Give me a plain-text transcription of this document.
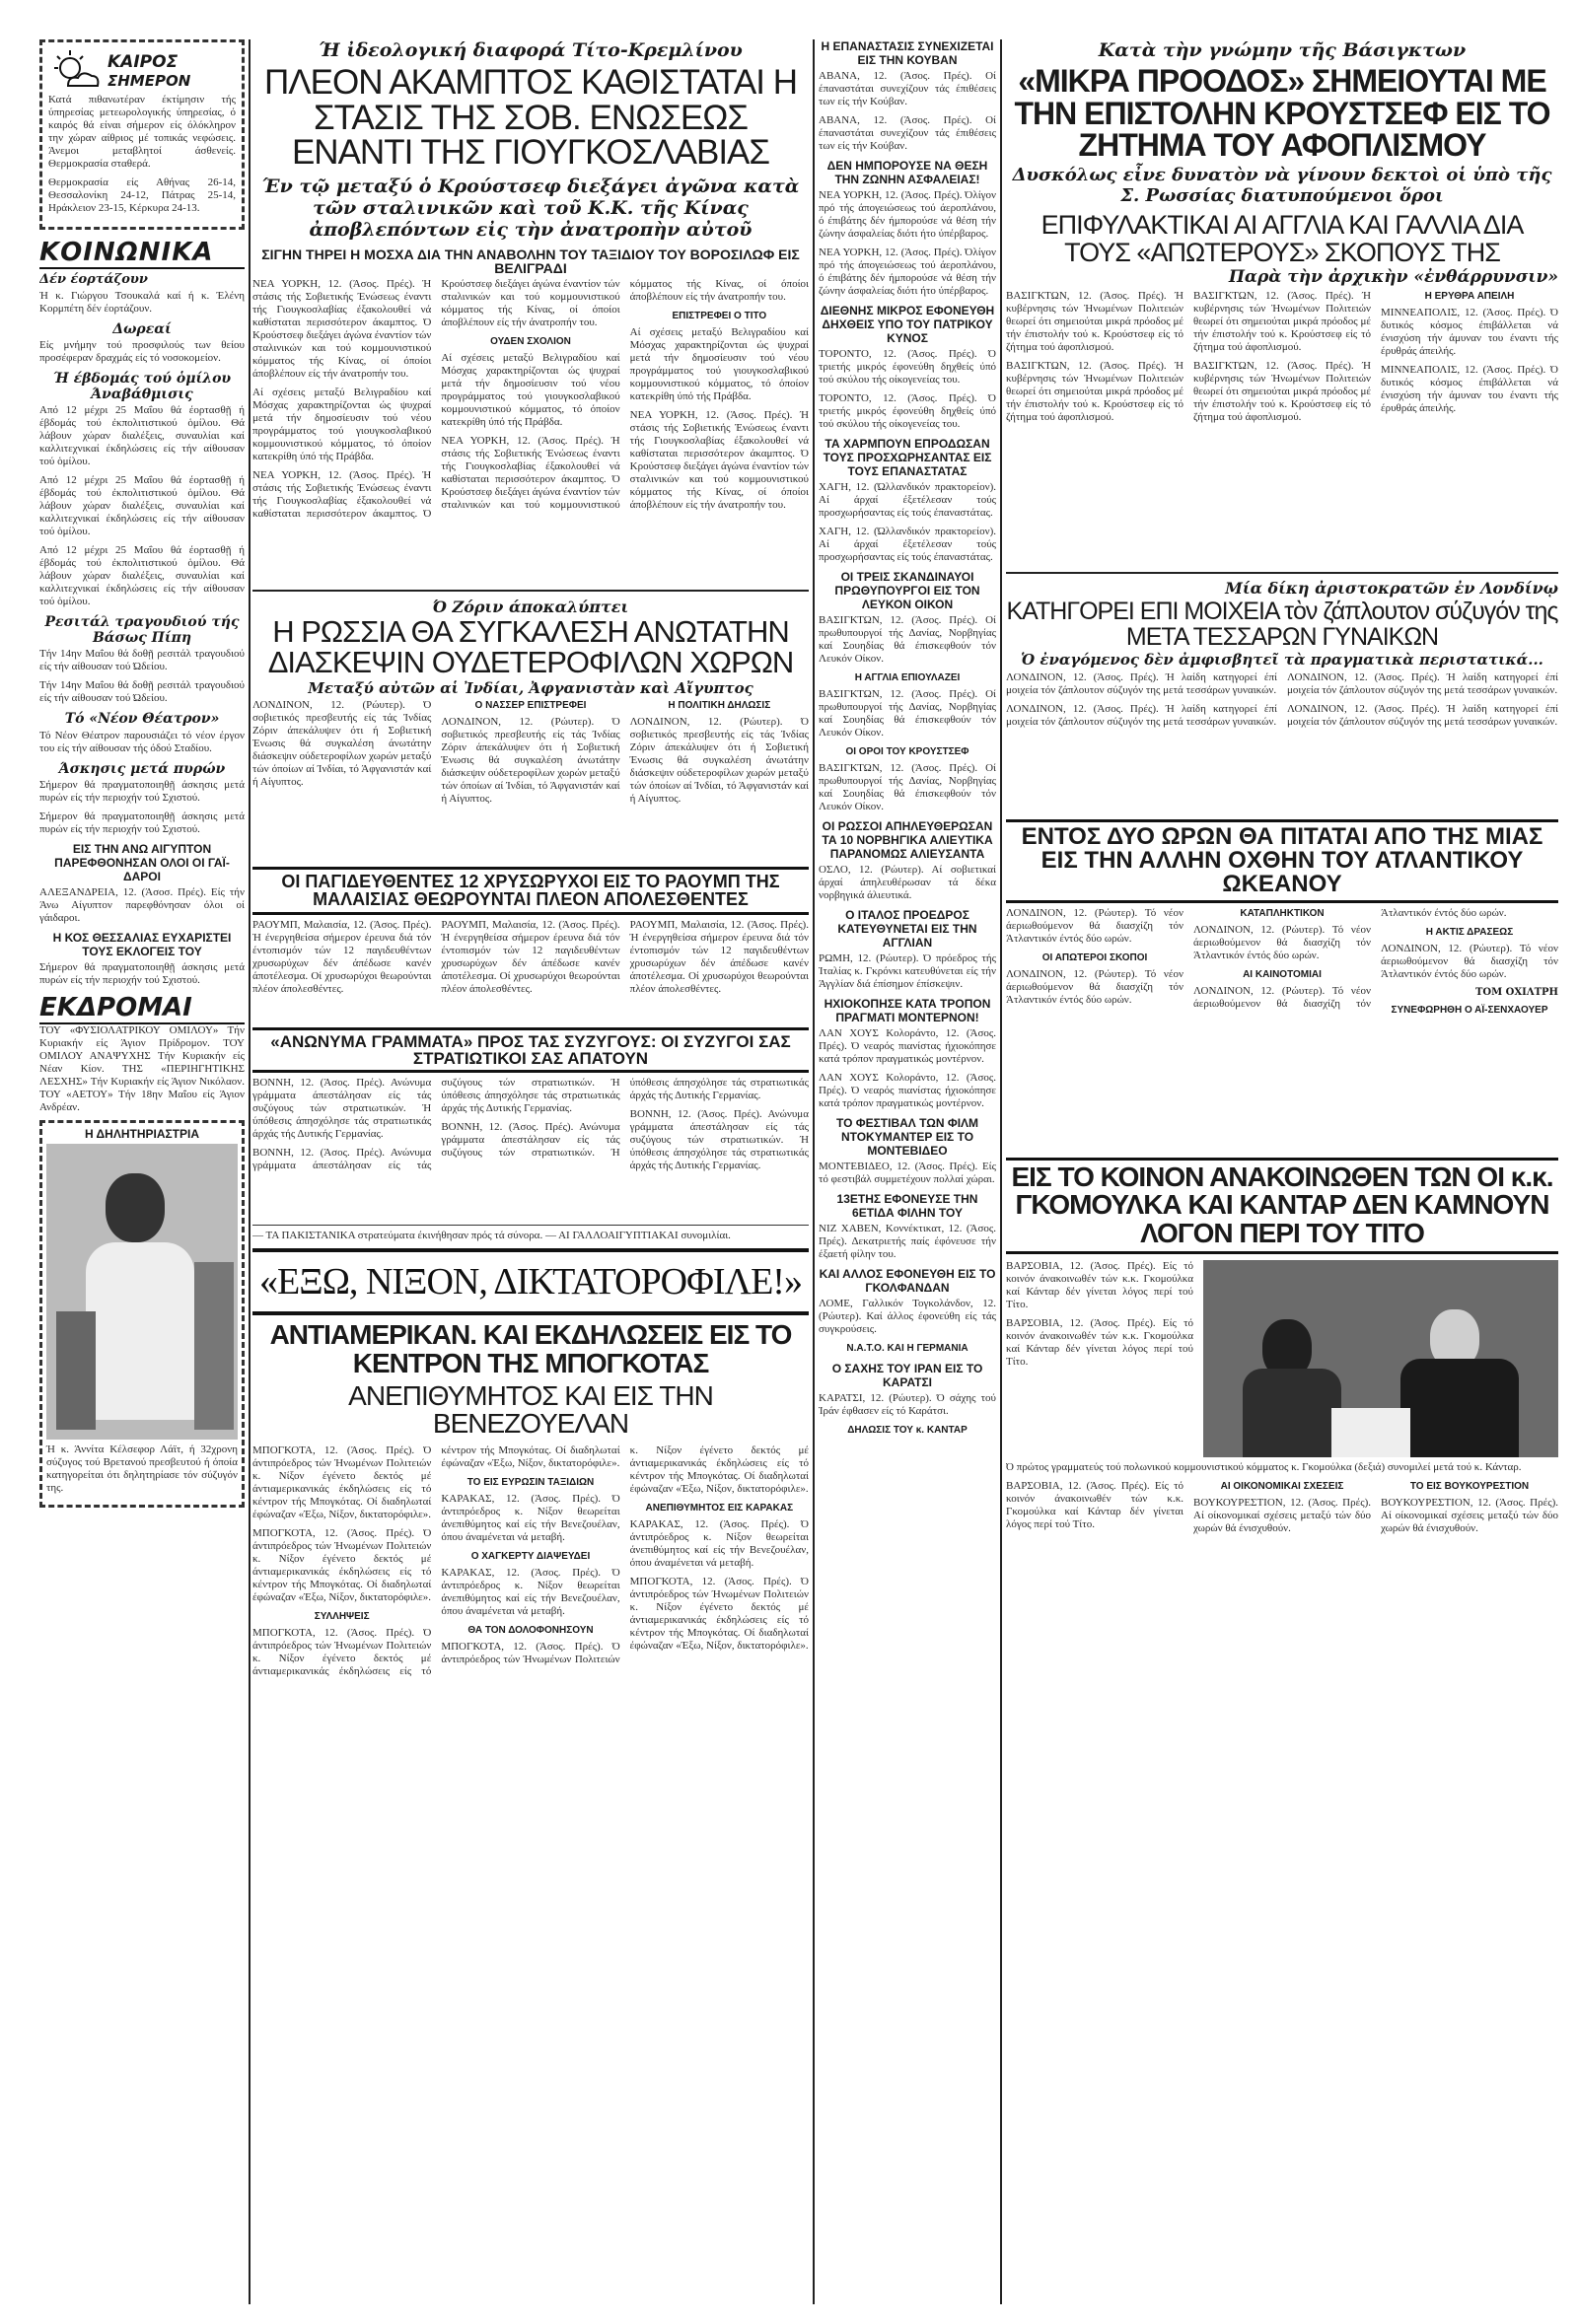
ΚΑΙΡΟΣ
ΣΗΜΕΡΟΝ

Κατά πιθανωτέραν έκτίμησιν τής ύπηρεσίας μετεωρολογικής ύπηρεσίας, ό καιρός θά είναι σήμερον είς όλόκληρον την χώραν αίθριος μέ τοπικάς νεφώσεις. Άνεμοι μεταβλητοί άσθενείς. Θερμοκρασία σταθερά.

Θερμοκρασία είς Αθήνας 26-14, Θεσσαλονίκη 24-12, Πάτρας 25-14, Ηράκλειον 23-15, Κέρκυρα 24-13.

ΚΟΙΝΩΝΙΚΑ
Δέν έορτάζουν

Ή κ. Γιώργου Τσουκαλά καί ή κ. Έλένη Κορμπέτη δέν έορτάζουν.

Δωρεαί

Είς μνήμην τού προσφιλούς των θείου προσέφεραν δραχμάς είς τό νοσοκομείον.

Ή έβδομάς τού ὁμίλου Άναβάθμισις

Από 12 μέχρι 25 Μαΐου θά έορτασθῇ ή έβδομάς τού ἐκπολιτιστικού ὁμίλου. Θά λάβουν χώραν διαλέξεις, συναυλίαι καί καλλιτεχνικαί έκδηλώσεις είς τήν αίθουσαν τού ὁμίλου.

Από 12 μέχρι 25 Μαΐου θά έορτασθῇ ή έβδομάς τού ἐκπολιτιστικού ὁμίλου. Θά λάβουν χώραν διαλέξεις, συναυλίαι καί καλλιτεχνικαί έκδηλώσεις είς τήν αίθουσαν τού ὁμίλου.

Από 12 μέχρι 25 Μαΐου θά έορτασθῇ ή έβδομάς τού ἐκπολιτιστικού ὁμίλου. Θά λάβουν χώραν διαλέξεις, συναυλίαι καί καλλιτεχνικαί έκδηλώσεις είς τήν αίθουσαν τού ὁμίλου.

Ρεσιτάλ τραγουδιού τής Βάσως Πίπη

Τήν 14ην Μαΐου θά δοθῇ ρεσιτάλ τραγουδιού είς τήν αίθουσαν τού Ώδείου.

Τήν 14ην Μαΐου θά δοθῇ ρεσιτάλ τραγουδιού είς τήν αίθουσαν τού Ώδείου.

Τό «Νέον Θέατρον»

Τό Νέον Θέατρον παρουσιάζει τό νέον έργον του είς τήν αίθουσαν τής όδού Σταδίου.

Άσκησις μετά πυρών

Σήμερον θά πραγματοποιηθῇ άσκησις μετά πυρών είς τήν περιοχήν τού Σχιστού.

Σήμερον θά πραγματοποιηθῇ άσκησις μετά πυρών είς τήν περιοχήν τού Σχιστού.

ΕΙΣ ΤΗΝ ΑΝΩ ΑΙΓΥΠΤΟΝ ΠΑΡΕΦΘΟΝΗΣΑΝ ΟΛΟΙ ΟΙ ΓΑΪ-ΔΑΡΟΙ

ΑΛΕΞΑΝΔΡΕΙΑ, 12. (Άσοσ. Πρές). Είς τήν Άνω Αίγυπτον παρεφθόνησαν όλοι οί γάιδαροι.

Η ΚΟΣ ΘΕΣΣΑΛΙΑΣ ΕΥΧΑΡΙΣΤΕΙ ΤΟΥΣ ΕΚΛΟΓΕΙΣ ΤΟΥ

Σήμερον θά πραγματοποιηθῇ άσκησις μετά πυρών είς τήν περιοχήν τού Σχιστού.

ΕΚΔΡΟΜΑΙ

ΤΟΥ «ΦΥΣΙΟΛΑΤΡΙΚΟΥ ΟΜΙΛΟΥ» Τήν Κυριακήν είς Άγιον Πρίδρομον. ΤΟΥ ΟΜΙΛΟΥ ΑΝΑΨΥΧΗΣ Τήν Κυριακήν είς Νέαν Κίον. ΤΗΣ «ΠΕΡΙΗΓΗΤΙΚΗΣ ΛΕΣΧΗΣ» Τήν Κυριακήν είς Άγιον Νικόλαον. ΤΟΥ «ΑΕΤΟΥ» Τήν 18ην Μαΐου είς Άγιον Ανδρέαν.

Η ΔΗΛΗΤΗΡΙΑΣΤΡΙΑ

Ή κ. Άννίτα Κέλσεφορ Λάϊτ, ή 32χρονη σύζυγος τού Βρετανού πρεσβευτού ή όποία κατηγορείται ότι δηλητηρίασε τόν σύζυγόν της.

Ή ἰδεολογική διαφορά Τίτο-Κρεμλίνου
ΠΛΕΟΝ ΑΚΑΜΠΤΟΣ ΚΑΘΙΣΤΑΤΑΙ Η ΣΤΑΣΙΣ ΤΗΣ ΣΟΒ. ΕΝΩΣΕΩΣ ΕΝΑΝΤΙ ΤΗΣ ΓΙΟΥΓΚΟΣΛΑΒΙΑΣ
Έν τῷ μεταξύ ὁ Κρούστσεφ διεξάγει ἀγῶνα κατὰ τῶν σταλινικῶν καὶ τοῦ Κ.Κ. τῆς Κίνας ἀποβλεπόντων εἰς τὴν ἀνατροπὴν αὐτοῦ
ΣΙΓΗΝ ΤΗΡΕΙ Η ΜΟΣΧΑ ΔΙΑ ΤΗΝ ΑΝΑΒΟΛΗΝ ΤΟΥ ΤΑΞΙΔΙΟΥ ΤΟΥ ΒΟΡΟΣΙΛΩΦ ΕΙΣ ΒΕΛΙΓΡΑΔΙ

ΝΕΑ ΥΟΡΚΗ, 12. (Άσος. Πρές). Ή στάσις τής Σοβιετικής Ένώσεως έναντι τής Γιουγκοσλαβίας έξακολουθεί νά καθίσταται περισσότερον άκαμπτος. Ό Κρούστσεφ διεξάγει άγώνα έναντίον τών σταλινικών και τού κομμουνιστικού κόμματος τής Κίνας, οί όποίοι άποβλέπουν είς τήν άνατροπήν του.

Αί σχέσεις μεταξύ Βελιγραδίου καί Μόσχας χαρακτηρίζονται ώς ψυχραί μετά τήν δημοσίευσιν τού νέου προγράμματος τού γιουγκοσλαβικού κομμουνιστικού κόμματος, τό όποίον κατεκρίθη ύπό τής Πράβδα.

ΝΕΑ ΥΟΡΚΗ, 12. (Άσος. Πρές). Ή στάσις τής Σοβιετικής Ένώσεως έναντι τής Γιουγκοσλαβίας έξακολουθεί νά καθίσταται περισσότερον άκαμπτος. Ό Κρούστσεφ διεξάγει άγώνα έναντίον τών σταλινικών και τού κομμουνιστικού κόμματος τής Κίνας, οί όποίοι άποβλέπουν είς τήν άνατροπήν του.

ΟΥΔΕΝ ΣΧΟΛΙΟΝ

Αί σχέσεις μεταξύ Βελιγραδίου καί Μόσχας χαρακτηρίζονται ώς ψυχραί μετά τήν δημοσίευσιν τού νέου προγράμματος τού γιουγκοσλαβικού κομμουνιστικού κόμματος, τό όποίον κατεκρίθη ύπό τής Πράβδα.

ΝΕΑ ΥΟΡΚΗ, 12. (Άσος. Πρές). Ή στάσις τής Σοβιετικής Ένώσεως έναντι τής Γιουγκοσλαβίας έξακολουθεί νά καθίσταται περισσότερον άκαμπτος. Ό Κρούστσεφ διεξάγει άγώνα έναντίον τών σταλινικών και τού κομμουνιστικού κόμματος τής Κίνας, οί όποίοι άποβλέπουν είς τήν άνατροπήν του.

ΕΠΙΣΤΡΕΦΕΙ Ο ΤΙΤΟ

Αί σχέσεις μεταξύ Βελιγραδίου καί Μόσχας χαρακτηρίζονται ώς ψυχραί μετά τήν δημοσίευσιν τού νέου προγράμματος τού γιουγκοσλαβικού κομμουνιστικού κόμματος, τό όποίον κατεκρίθη ύπό τής Πράβδα.

ΝΕΑ ΥΟΡΚΗ, 12. (Άσος. Πρές). Ή στάσις τής Σοβιετικής Ένώσεως έναντι τής Γιουγκοσλαβίας έξακολουθεί νά καθίσταται περισσότερον άκαμπτος. Ό Κρούστσεφ διεξάγει άγώνα έναντίον τών σταλινικών και τού κομμουνιστικού κόμματος τής Κίνας, οί όποίοι άποβλέπουν είς τήν άνατροπήν του.

Ό Ζόριν άποκαλύπτει
Η ΡΩΣΣΙΑ ΘΑ ΣΥΓΚΑΛΕΣΗ ΑΝΩΤΑΤΗΝ ΔΙΑΣΚΕΨΙΝ ΟΥΔΕΤΕΡΟΦΙΛΩΝ ΧΩΡΩΝ
Μεταξύ αὐτῶν αἱ Ἰνδίαι, Ἀφγανιστὰν καὶ Αἴγυπτος

ΛΟΝΔΙΝΟΝ, 12. (Ρώυτερ). Ό σοβιετικός πρεσβευτής είς τάς Ίνδίας Ζόριν άπεκάλυψεν ότι ή Σοβιετική Ένωσις θά συγκαλέση άνωτάτην διάσκεψιν ούδετεροφίλων χωρών μεταξύ τών όποίων αί Ίνδίαι, τό Άφγανιστάν καί ή Αίγυπτος.

Ο ΝΑΣΣΕΡ ΕΠΙΣΤΡΕΦΕΙ

ΛΟΝΔΙΝΟΝ, 12. (Ρώυτερ). Ό σοβιετικός πρεσβευτής είς τάς Ίνδίας Ζόριν άπεκάλυψεν ότι ή Σοβιετική Ένωσις θά συγκαλέση άνωτάτην διάσκεψιν ούδετεροφίλων χωρών μεταξύ τών όποίων αί Ίνδίαι, τό Άφγανιστάν καί ή Αίγυπτος.

Η ΠΟΛΙΤΙΚΗ ΔΗΛΩΣΙΣ

ΛΟΝΔΙΝΟΝ, 12. (Ρώυτερ). Ό σοβιετικός πρεσβευτής είς τάς Ίνδίας Ζόριν άπεκάλυψεν ότι ή Σοβιετική Ένωσις θά συγκαλέση άνωτάτην διάσκεψιν ούδετεροφίλων χωρών μεταξύ τών όποίων αί Ίνδίαι, τό Άφγανιστάν καί ή Αίγυπτος.

ΟΙ ΠΑΓΙΔΕΥΘΕΝΤΕΣ 12 ΧΡΥΣΩΡΥΧΟΙ ΕΙΣ ΤΟ ΡΑΟΥΜΠ ΤΗΣ ΜΑΛΑΙΣΙΑΣ ΘΕΩΡΟΥΝΤΑΙ ΠΛΕΟΝ ΑΠΟΛΕΣΘΕΝΤΕΣ

ΡΑΟΥΜΠ, Μαλαισία, 12. (Άσος. Πρές). Ή ένεργηθείσα σήμερον έρευνα διά τόν έντοπισμόν τών 12 παγιδευθέντων χρυσωρύχων δέν άπέδωσε κανέν άποτέλεσμα. Οί χρυσωρύχοι θεωρούνται πλέον άπολεσθέντες.

ΡΑΟΥΜΠ, Μαλαισία, 12. (Άσος. Πρές). Ή ένεργηθείσα σήμερον έρευνα διά τόν έντοπισμόν τών 12 παγιδευθέντων χρυσωρύχων δέν άπέδωσε κανέν άποτέλεσμα. Οί χρυσωρύχοι θεωρούνται πλέον άπολεσθέντες.

ΡΑΟΥΜΠ, Μαλαισία, 12. (Άσος. Πρές). Ή ένεργηθείσα σήμερον έρευνα διά τόν έντοπισμόν τών 12 παγιδευθέντων χρυσωρύχων δέν άπέδωσε κανέν άποτέλεσμα. Οί χρυσωρύχοι θεωρούνται πλέον άπολεσθέντες.

«ΑΝΩΝΥΜΑ ΓΡΑΜΜΑΤΑ» ΠΡΟΣ ΤΑΣ ΣΥΖΥΓΟΥΣ: ΟΙ ΣΥΖΥΓΟΙ ΣΑΣ ΣΤΡΑΤΙΩΤΙΚΟΙ ΣΑΣ ΑΠΑΤΟΥΝ

ΒΟΝΝΗ, 12. (Άσος. Πρές). Ανώνυμα γράμματα άπεστάλησαν είς τάς συζύγους τών στρατιωτικών. Ή ύπόθεσις άπησχόλησε τάς στρατιωτικάς άρχάς τής Δυτικής Γερμανίας.

ΒΟΝΝΗ, 12. (Άσος. Πρές). Ανώνυμα γράμματα άπεστάλησαν είς τάς συζύγους τών στρατιωτικών. Ή ύπόθεσις άπησχόλησε τάς στρατιωτικάς άρχάς τής Δυτικής Γερμανίας.

ΒΟΝΝΗ, 12. (Άσος. Πρές). Ανώνυμα γράμματα άπεστάλησαν είς τάς συζύγους τών στρατιωτικών. Ή ύπόθεσις άπησχόλησε τάς στρατιωτικάς άρχάς τής Δυτικής Γερμανίας.

ΒΟΝΝΗ, 12. (Άσος. Πρές). Ανώνυμα γράμματα άπεστάλησαν είς τάς συζύγους τών στρατιωτικών. Ή ύπόθεσις άπησχόλησε τάς στρατιωτικάς άρχάς τής Δυτικής Γερμανίας.

— ΤΑ ΠΑΚΙΣΤΑΝΙΚΑ στρατεύματα έκινήθησαν πρός τά σύνορα. — ΑΙ ΓΑΛΛΟΑΙΓΥΠΤΙΑΚΑΙ συνομιλίαι.

«ΕΞΩ, ΝΙΞΟΝ, ΔΙΚΤΑΤΟΡΟΦΙΛΕ!»
ΑΝΤΙΑΜΕΡΙΚΑΝ. ΚΑΙ ΕΚΔΗΛΩΣΕΙΣ ΕΙΣ ΤΟ ΚΕΝΤΡΟΝ ΤΗΣ ΜΠΟΓΚΟΤΑΣ
ΑΝΕΠΙΘΥΜΗΤΟΣ ΚΑΙ ΕΙΣ ΤΗΝ ΒΕΝΕΖΟΥΕΛΑΝ

ΜΠΟΓΚΟΤΑ, 12. (Άσος. Πρές). Ό άντιπρόεδρος τών Ήνωμένων Πολιτειών κ. Νίξον έγένετο δεκτός μέ άντιαμερικανικάς έκδηλώσεις είς τό κέντρον τής Μπογκότας. Οί διαδηλωταί έφώναζαν «Έξω, Νίξον, δικτατορόφιλε».

ΜΠΟΓΚΟΤΑ, 12. (Άσος. Πρές). Ό άντιπρόεδρος τών Ήνωμένων Πολιτειών κ. Νίξον έγένετο δεκτός μέ άντιαμερικανικάς έκδηλώσεις είς τό κέντρον τής Μπογκότας. Οί διαδηλωταί έφώναζαν «Έξω, Νίξον, δικτατορόφιλε».

ΣΥΛΛΗΨΕΙΣ

ΜΠΟΓΚΟΤΑ, 12. (Άσος. Πρές). Ό άντιπρόεδρος τών Ήνωμένων Πολιτειών κ. Νίξον έγένετο δεκτός μέ άντιαμερικανικάς έκδηλώσεις είς τό κέντρον τής Μπογκότας. Οί διαδηλωταί έφώναζαν «Έξω, Νίξον, δικτατορόφιλε».

ΤΟ ΕΙΣ ΕΥΡΩΣΙΝ ΤΑΞΙΔΙΩΝ

ΚΑΡΑΚΑΣ, 12. (Άσος. Πρές). Ό άντιπρόεδρος κ. Νίξον θεωρείται άνεπιθύμητος καί είς τήν Βενεζουέλαν, όπου άναμένεται νά μεταβή.

Ο ΧΑΓΚΕΡΤΥ ΔΙΑΨΕΥΔΕΙ

ΚΑΡΑΚΑΣ, 12. (Άσος. Πρές). Ό άντιπρόεδρος κ. Νίξον θεωρείται άνεπιθύμητος καί είς τήν Βενεζουέλαν, όπου άναμένεται νά μεταβή.

ΘΑ ΤΟΝ ΔΟΛΟΦΟΝΗΣΟΥΝ

ΜΠΟΓΚΟΤΑ, 12. (Άσος. Πρές). Ό άντιπρόεδρος τών Ήνωμένων Πολιτειών κ. Νίξον έγένετο δεκτός μέ άντιαμερικανικάς έκδηλώσεις είς τό κέντρον τής Μπογκότας. Οί διαδηλωταί έφώναζαν «Έξω, Νίξον, δικτατορόφιλε».

ΑΝΕΠΙΘΥΜΗΤΟΣ ΕΙΣ ΚΑΡΑΚΑΣ

ΚΑΡΑΚΑΣ, 12. (Άσος. Πρές). Ό άντιπρόεδρος κ. Νίξον θεωρείται άνεπιθύμητος καί είς τήν Βενεζουέλαν, όπου άναμένεται νά μεταβή.

ΜΠΟΓΚΟΤΑ, 12. (Άσος. Πρές). Ό άντιπρόεδρος τών Ήνωμένων Πολιτειών κ. Νίξον έγένετο δεκτός μέ άντιαμερικανικάς έκδηλώσεις είς τό κέντρον τής Μπογκότας. Οί διαδηλωταί έφώναζαν «Έξω, Νίξον, δικτατορόφιλε».

Η ΕΠΑΝΑΣΤΑΣΙΣ ΣΥΝΕΧΙΖΕΤΑΙ ΕΙΣ ΤΗΝ ΚΟΥΒΑΝ

ΑΒΑΝΑ, 12. (Άσος. Πρές). Οί έπαναστάται συνεχίζουν τάς έπιθέσεις των είς τήν Κούβαν.

ΑΒΑΝΑ, 12. (Άσος. Πρές). Οί έπαναστάται συνεχίζουν τάς έπιθέσεις των είς τήν Κούβαν.

ΔΕΝ ΗΜΠΟΡΟΥΣΕ ΝΑ ΘΕΣΗ ΤΗΝ ΖΩΝΗΝ ΑΣΦΑΛΕΙΑΣ!

ΝΕΑ ΥΟΡΚΗ, 12. (Άσος. Πρές). Όλίγον πρό τής άπογειώσεως τού άεροπλάνου, ό έπιβάτης δέν ήμπορούσε νά θέση τήν ζώνην άσφαλείας διότι ήτο ύπέρβαρος.

ΝΕΑ ΥΟΡΚΗ, 12. (Άσος. Πρές). Όλίγον πρό τής άπογειώσεως τού άεροπλάνου, ό έπιβάτης δέν ήμπορούσε νά θέση τήν ζώνην άσφαλείας διότι ήτο ύπέρβαρος.

ΔΙΕΘΝΗΣ ΜΙΚΡΟΣ ΕΦΟΝΕΥΘΗ ΔΗΧΘΕΙΣ ΥΠΟ ΤΟΥ ΠΑΤΡΙΚΟΥ ΚΥΝΟΣ

ΤΟΡΟΝΤΟ, 12. (Άσος. Πρές). Ό τριετής μικρός έφονεύθη δηχθείς ύπό τού σκύλου τής οίκογενείας του.

ΤΟΡΟΝΤΟ, 12. (Άσος. Πρές). Ό τριετής μικρός έφονεύθη δηχθείς ύπό τού σκύλου τής οίκογενείας του.

ΤΑ ΧΑΡΜΠΟΥΝ ΕΠΡΟΔΩΣΑΝ ΤΟΥΣ ΠΡΟΣΧΩΡΗΣΑΝΤΑΣ ΕΙΣ ΤΟΥΣ ΕΠΑΝΑΣΤΑΤΑΣ

ΧΑΓΗ, 12. (Ώλλανδικόν πρακτορείον). Αί άρχαί έξετέλεσαν τούς προσχωρήσαντας είς τούς έπαναστάτας.

ΧΑΓΗ, 12. (Ώλλανδικόν πρακτορείον). Αί άρχαί έξετέλεσαν τούς προσχωρήσαντας είς τούς έπαναστάτας.

ΟΙ ΤΡΕΙΣ ΣΚΑΝΔΙΝΑΥΟΙ ΠΡΩΘΥΠΟΥΡΓΟΙ ΕΙΣ ΤΟΝ ΛΕΥΚΟΝ ΟΙΚΟΝ

ΒΑΣΙΓΚΤΩΝ, 12. (Άσος. Πρές). Οί πρωθυπουργοί τής Δανίας, Νορβηγίας καί Σουηδίας θά έπισκεφθούν τόν Λευκόν Οίκον.

Η ΑΓΓΛΙΑ ΕΠΙΟΥΛΑΖΕΙ

ΒΑΣΙΓΚΤΩΝ, 12. (Άσος. Πρές). Οί πρωθυπουργοί τής Δανίας, Νορβηγίας καί Σουηδίας θά έπισκεφθούν τόν Λευκόν Οίκον.

ΟΙ ΟΡΟΙ ΤΟΥ ΚΡΟΥΣΤΣΕΦ

ΒΑΣΙΓΚΤΩΝ, 12. (Άσος. Πρές). Οί πρωθυπουργοί τής Δανίας, Νορβηγίας καί Σουηδίας θά έπισκεφθούν τόν Λευκόν Οίκον.

ΟΙ ΡΩΣΣΟΙ ΑΠΗΛΕΥΘΕΡΩΣΑΝ ΤΑ 10 ΝΟΡΒΗΓΙΚΑ ΑΛΙΕΥΤΙΚΑ ΠΑΡΑΝΟΜΩΣ ΑΛΙΕΥΣΑΝΤΑ

ΟΣΛΟ, 12. (Ρώυτερ). Αί σοβιετικαί άρχαί άπηλευθέρωσαν τά δέκα νορβηγικά άλιευτικά.

Ο ΙΤΑΛΟΣ ΠΡΟΕΔΡΟΣ ΚΑΤΕΥΘΥΝΕΤΑΙ ΕΙΣ ΤΗΝ ΑΓΓΛΙΑΝ

ΡΩΜΗ, 12. (Ρώυτερ). Ό πρόεδρος τής Ίταλίας κ. Γκρόνκι κατευθύνεται είς τήν Άγγλίαν διά έπίσημον έπίσκεψιν.

ΗΧΙΟΚΟΠΗΣΕ ΚΑΤΑ ΤΡΟΠΟΝ ΠΡΑΓΜΑΤΙ ΜΟΝΤΕΡΝΟΝ!

ΛΑΝ ΧΟΥΣ Κολοράντο, 12. (Άσος. Πρές). Ό νεαρός πιανίστας ήχιοκόπησε κατά τρόπον πραγματικώς μοντέρνον.

ΛΑΝ ΧΟΥΣ Κολοράντο, 12. (Άσος. Πρές). Ό νεαρός πιανίστας ήχιοκόπησε κατά τρόπον πραγματικώς μοντέρνον.

ΤΟ ΦΕΣΤΙΒΑΛ ΤΩΝ ΦΙΛΜ ΝΤΟΚΥΜΑΝΤΕΡ ΕΙΣ ΤΟ ΜΟΝΤΕΒΙΔΕΟ

ΜΟΝΤΕΒΙΔΕΟ, 12. (Άσος. Πρές). Είς τό φεστιβάλ συμμετέχουν πολλαί χώραι.

13ΕΤΗΣ ΕΦΟΝΕΥΣΕ ΤΗΝ 6ΕΤΙΔΑ ΦΙΛΗΝ ΤΟΥ

ΝΙΖ ΧΑΒΕΝ, Κοννέκτικατ, 12. (Άσος. Πρές). Δεκατριετής παίς έφόνευσε τήν έξαετή φίλην του.

ΚΑΙ ΑΛΛΟΣ ΕΦΟΝΕΥΘΗ ΕΙΣ ΤΟ ΓΚΟΛΦΑΝΔΑΝ

ΛΟΜΕ, Γαλλικόν Τογκολάνδον, 12. (Ρώυτερ). Καί άλλος έφονεύθη είς τάς συγκρούσεις.

Ν.Α.Τ.Ο. ΚΑΙ Η ΓΕΡΜΑΝΙΑ
Ο ΣΑΧΗΣ ΤΟΥ ΙΡΑΝ ΕΙΣ ΤΟ ΚΑΡΑΤΣΙ

ΚΑΡΑΤΣΙ, 12. (Ρώυτερ). Ό σάχης τού Ίράν έφθασεν είς τό Καράτσι.

ΔΗΛΩΣΙΣ ΤΟΥ κ. ΚΑΝΤΑΡ
Κατὰ τὴν γνώμην τῆς Βάσιγκτων
«ΜΙΚΡΑ ΠΡΟΟΔΟΣ» ΣΗΜΕΙΟΥΤΑΙ ΜΕ ΤΗΝ ΕΠΙΣΤΟΛΗΝ ΚΡΟΥΣΤΣΕΦ ΕΙΣ ΤΟ ΖΗΤΗΜΑ ΤΟΥ ΑΦΟΠΛΙΣΜΟΥ
Δυσκόλως εἶνε δυνατὸν νὰ γίνουν δεκτοὶ οἱ ὑπὸ τῆς Σ. Ρωσσίας διατυπούμενοι ὅροι
ΕΠΙΦΥΛΑΚΤΙΚΑΙ ΑΙ ΑΓΓΛΙΑ ΚΑΙ ΓΑΛΛΙΑ ΔΙΑ ΤΟΥΣ «ΑΠΩΤΕΡΟΥΣ» ΣΚΟΠΟΥΣ ΤΗΣ
Παρὰ τὴν ἀρχικὴν «ἐνθάρρυνσιν»

ΒΑΣΙΓΚΤΩΝ, 12. (Άσος. Πρές). Ή κυβέρνησις τών Ήνωμένων Πολιτειών θεωρεί ότι σημειούται μικρά πρόοδος μέ τήν έπιστολήν τού κ. Κρούστσεφ είς τό ζήτημα τού άφοπλισμού.

ΒΑΣΙΓΚΤΩΝ, 12. (Άσος. Πρές). Ή κυβέρνησις τών Ήνωμένων Πολιτειών θεωρεί ότι σημειούται μικρά πρόοδος μέ τήν έπιστολήν τού κ. Κρούστσεφ είς τό ζήτημα τού άφοπλισμού.

ΒΑΣΙΓΚΤΩΝ, 12. (Άσος. Πρές). Ή κυβέρνησις τών Ήνωμένων Πολιτειών θεωρεί ότι σημειούται μικρά πρόοδος μέ τήν έπιστολήν τού κ. Κρούστσεφ είς τό ζήτημα τού άφοπλισμού.

ΒΑΣΙΓΚΤΩΝ, 12. (Άσος. Πρές). Ή κυβέρνησις τών Ήνωμένων Πολιτειών θεωρεί ότι σημειούται μικρά πρόοδος μέ τήν έπιστολήν τού κ. Κρούστσεφ είς τό ζήτημα τού άφοπλισμού.

Η ΕΡΥΘΡΑ ΑΠΕΙΛΗ

ΜΙΝΝΕΑΠΟΛΙΣ, 12. (Άσος. Πρές). Ό δυτικός κόσμος έπιβάλλεται νά ένισχύση τήν άμυναν του έναντι τής έρυθράς άπειλής.

ΜΙΝΝΕΑΠΟΛΙΣ, 12. (Άσος. Πρές). Ό δυτικός κόσμος έπιβάλλεται νά ένισχύση τήν άμυναν του έναντι τής έρυθράς άπειλής.

Μία δίκη ἀριστοκρατῶν ἐν Λονδίνῳ
ΚΑΤΗΓΟΡΕΙ ΕΠΙ ΜΟΙΧΕΙΑ τὸν ζάπλουτον σύζυγόν της ΜΕΤΑ ΤΕΣΣΑΡΩΝ ΓΥΝΑΙΚΩΝ
Ὁ ἐναγόμενος δὲν ἀμφισβητεῖ τὰ πραγματικὰ περιστατικά...

ΛΟΝΔΙΝΟΝ, 12. (Άσος. Πρές). Ή λαίδη κατηγορεί έπί μοιχεία τόν ζάπλουτον σύζυγόν της μετά τεσσάρων γυναικών.

ΛΟΝΔΙΝΟΝ, 12. (Άσος. Πρές). Ή λαίδη κατηγορεί έπί μοιχεία τόν ζάπλουτον σύζυγόν της μετά τεσσάρων γυναικών.

ΛΟΝΔΙΝΟΝ, 12. (Άσος. Πρές). Ή λαίδη κατηγορεί έπί μοιχεία τόν ζάπλουτον σύζυγόν της μετά τεσσάρων γυναικών.

ΛΟΝΔΙΝΟΝ, 12. (Άσος. Πρές). Ή λαίδη κατηγορεί έπί μοιχεία τόν ζάπλουτον σύζυγόν της μετά τεσσάρων γυναικών.

ΕΝΤΟΣ ΔΥΟ ΩΡΩΝ ΘΑ ΠΙΤΑΤΑΙ ΑΠΟ ΤΗΣ ΜΙΑΣ ΕΙΣ ΤΗΝ ΑΛΛΗΝ ΟΧΘΗΝ ΤΟΥ ΑΤΛΑΝΤΙΚΟΥ ΩΚΕΑΝΟΥ

ΛΟΝΔΙΝΟΝ, 12. (Ρώυτερ). Τό νέον άεριωθούμενον θά διασχίζη τόν Άτλαντικόν έντός δύο ωρών.

ΟΙ ΑΠΩΤΕΡΟΙ ΣΚΟΠΟΙ

ΛΟΝΔΙΝΟΝ, 12. (Ρώυτερ). Τό νέον άεριωθούμενον θά διασχίζη τόν Άτλαντικόν έντός δύο ωρών.

ΚΑΤΑΠΛΗΚΤΙΚΟΝ

ΛΟΝΔΙΝΟΝ, 12. (Ρώυτερ). Τό νέον άεριωθούμενον θά διασχίζη τόν Άτλαντικόν έντός δύο ωρών.

ΑΙ ΚΑΙΝΟΤΟΜΙΑΙ

ΛΟΝΔΙΝΟΝ, 12. (Ρώυτερ). Τό νέον άεριωθούμενον θά διασχίζη τόν Άτλαντικόν έντός δύο ωρών.

Η ΑΚΤΙΣ ΔΡΑΣΕΩΣ

ΛΟΝΔΙΝΟΝ, 12. (Ρώυτερ). Τό νέον άεριωθούμενον θά διασχίζη τόν Άτλαντικόν έντός δύο ωρών.

ΤΟΜ ΟΧΙΛΤΡΗ
ΣΥΝΕΦΩΡΗΘΗ Ο ΑΪ-ΣΕΝΧΑΟΥΕΡ
ΕΙΣ ΤΟ ΚΟΙΝΟΝ ΑΝΑΚΟΙΝΩΘΕΝ ΤΩΝ ΟΙ κ.κ. ΓΚΟΜΟΥΛΚΑ ΚΑΙ ΚΑΝΤΑΡ ΔΕΝ ΚΑΜΝΟΥΝ ΛΟΓΟΝ ΠΕΡΙ ΤΟΥ ΤΙΤΟ

ΒΑΡΣΟΒΙΑ, 12. (Άσος. Πρές). Είς τό κοινόν άνακοινωθέν τών κ.κ. Γκομούλκα καί Κάνταρ δέν γίνεται λόγος περί τού Τίτο.

ΒΑΡΣΟΒΙΑ, 12. (Άσος. Πρές). Είς τό κοινόν άνακοινωθέν τών κ.κ. Γκομούλκα καί Κάνταρ δέν γίνεται λόγος περί τού Τίτο.

Ό πρώτος γραμματεύς τού πολωνικού κομμουνιστικού κόμματος κ. Γκομούλκα (δεξιά) συνομιλεί μετά τού κ. Κάνταρ.

ΒΑΡΣΟΒΙΑ, 12. (Άσος. Πρές). Είς τό κοινόν άνακοινωθέν τών κ.κ. Γκομούλκα καί Κάνταρ δέν γίνεται λόγος περί τού Τίτο.

ΑΙ ΟΙΚΟΝΟΜΙΚΑΙ ΣΧΕΣΕΙΣ

ΒΟΥΚΟΥΡΕΣΤΙΟΝ, 12. (Άσος. Πρές). Αί οίκονομικαί σχέσεις μεταξύ τών δύο χωρών θά ένισχυθούν.

ΤΟ ΕΙΣ ΒΟΥΚΟΥΡΕΣΤΙΟΝ

ΒΟΥΚΟΥΡΕΣΤΙΟΝ, 12. (Άσος. Πρές). Αί οίκονομικαί σχέσεις μεταξύ τών δύο χωρών θά ένισχυθούν.
